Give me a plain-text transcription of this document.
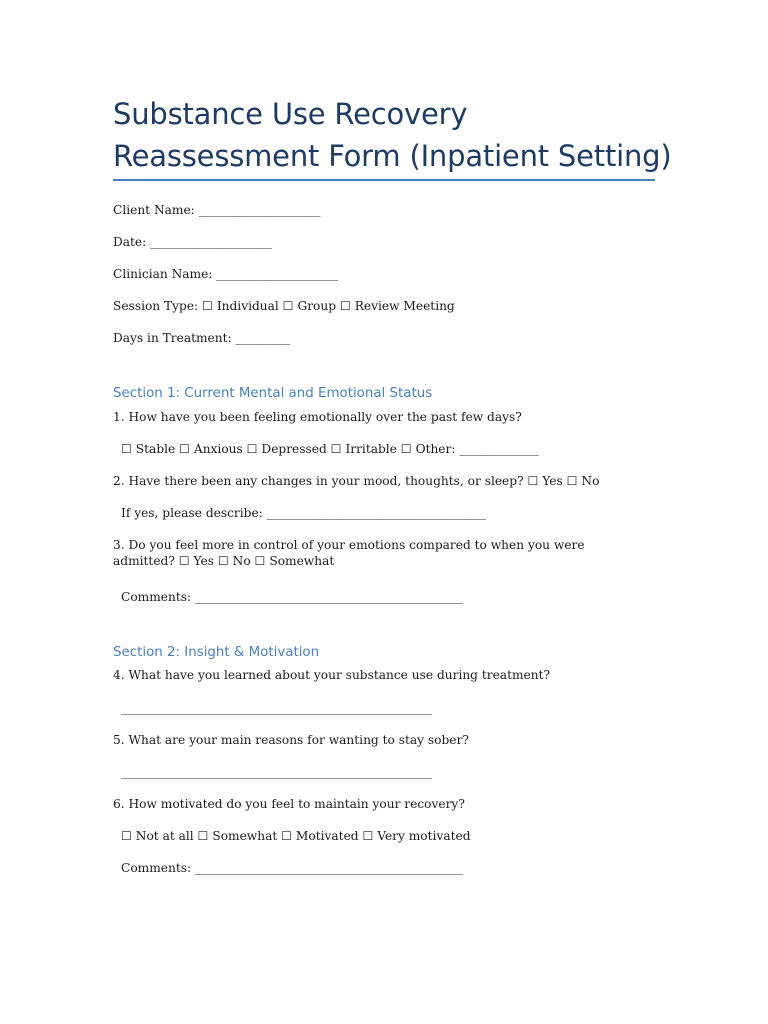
Substance Use Recovery Reassessment Form (Inpatient Setting)

Client Name: ____________________

Date: ____________________

Clinician Name: ____________________

Session Type: ☐ Individual ☐ Group ☐ Review Meeting

Days in Treatment: _________

Section 1: Current Mental and Emotional Status

1. How have you been feeling emotionally over the past few days?

☐ Stable ☐ Anxious ☐ Depressed ☐ Irritable ☐ Other: _____________

2. Have there been any changes in your mood, thoughts, or sleep? ☐ Yes ☐ No

If yes, please describe: ____________________________________

3. Do you feel more in control of your emotions compared to when you were admitted? ☐ Yes ☐ No ☐ Somewhat

Comments: ____________________________________________

Section 2: Insight & Motivation

4. What have you learned about your substance use during treatment?

___________________________________________________

5. What are your main reasons for wanting to stay sober?

___________________________________________________

6. How motivated do you feel to maintain your recovery?

☐ Not at all ☐ Somewhat ☐ Motivated ☐ Very motivated

Comments: ____________________________________________
